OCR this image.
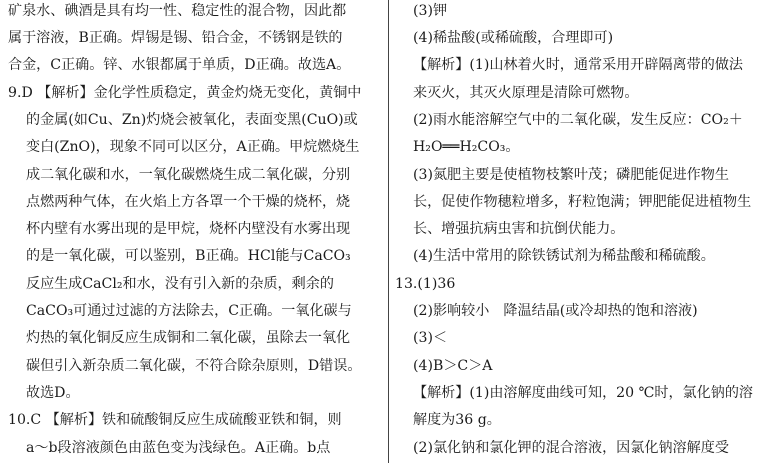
矿泉水、碘酒是具有均一性、稳定性的混合物，因此都
属于溶液，B正确。焊锡是锡、铅合金，不锈钢是铁的
合金，C正确。锌、水银都属于单质，D正确。故选A。
9.D 【解析】金化学性质稳定，黄金灼烧无变化，黄铜中
的金属(如Cu、Zn)灼烧会被氧化，表面变黑(CuO)或
变白(ZnO)，现象不同可以区分，A正确。甲烷燃烧生
成二氧化碳和水，一氧化碳燃烧生成二氧化碳，分别
点燃两种气体，在火焰上方各罩一个干燥的烧杯，烧
杯内壁有水雾出现的是甲烷，烧杯内壁没有水雾出现
的是一氧化碳，可以鉴别，B正确。HCl能与CaCO₃
反应生成CaCl₂和水，没有引入新的杂质，剩余的
CaCO₃可通过过滤的方法除去，C正确。一氧化碳与
灼热的氧化铜反应生成铜和二氧化碳，虽除去一氧化
碳但引入新杂质二氧化碳，不符合除杂原则，D错误。
故选D。
10.C 【解析】铁和硫酸铜反应生成硫酸亚铁和铜，则
a～b段溶液颜色由蓝色变为浅绿色。A正确。b点
(3)钾
(4)稀盐酸(或稀硫酸，合理即可)
【解析】(1)山林着火时，通常采用开辟隔离带的做法
来灭火，其灭火原理是清除可燃物。
(2)雨水能溶解空气中的二氧化碳，发生反应：CO₂＋
H₂O══H₂CO₃。
(3)氮肥主要是使植物枝繁叶茂；磷肥能促进作物生
长，促使作物穗粒增多，籽粒饱满；钾肥能促进植物生
长、增强抗病虫害和抗倒伏能力。
(4)生活中常用的除铁锈试剂为稀盐酸和稀硫酸。
13.(1)36
(2)影响较小　降温结晶(或冷却热的饱和溶液)
(3)＜
(4)B＞C＞A
【解析】(1)由溶解度曲线可知，20 ℃时，氯化钠的溶
解度为36 g。
(2)氯化钠和氯化钾的混合溶液，因氯化钠溶解度受
